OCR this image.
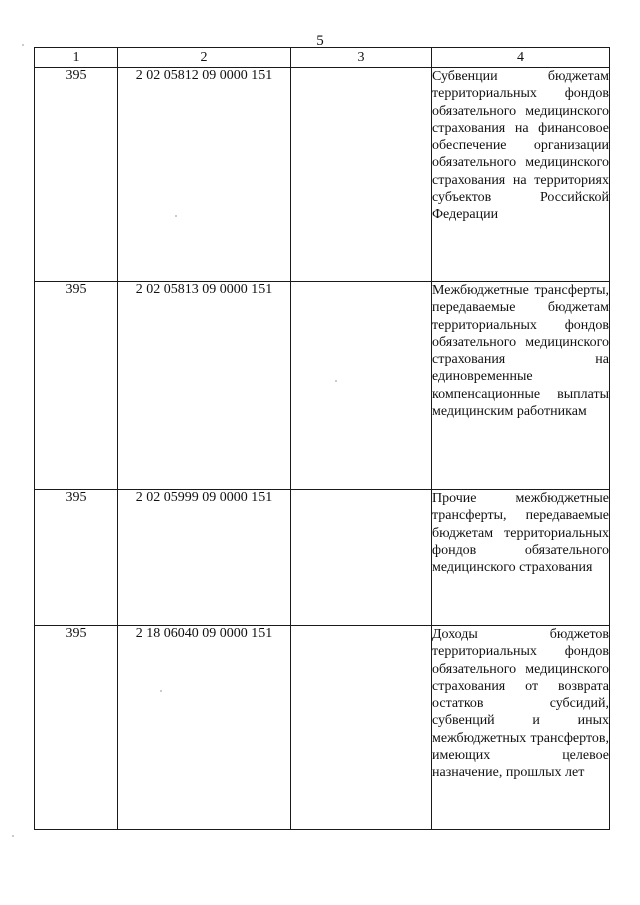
5
1	2	3	4
395	2 02 05812 09 0000 151		Субвенции бюджетам территориальных фондов обязательного медицинского страхования на финансовое обеспечение организации обязательного медицинского страхования на территориях субъектов Российской Федерации
395	2 02 05813 09 0000 151		Межбюджетные трансферты, передаваемые бюджетам территориальных фондов обязательного медицинского страхования на единовременные компенсационные выплаты медицинским работникам
395	2 02 05999 09 0000 151		Прочие межбюджетные трансферты, передаваемые бюджетам территориальных фондов обязательного медицинского страхования
395	2 18 06040 09 0000 151		Доходы бюджетов территориальных фондов обязательного медицинского страхования от возврата остатков субсидий, субвенций и иных межбюджетных трансфертов, имеющих целевое назначение, прошлых лет
